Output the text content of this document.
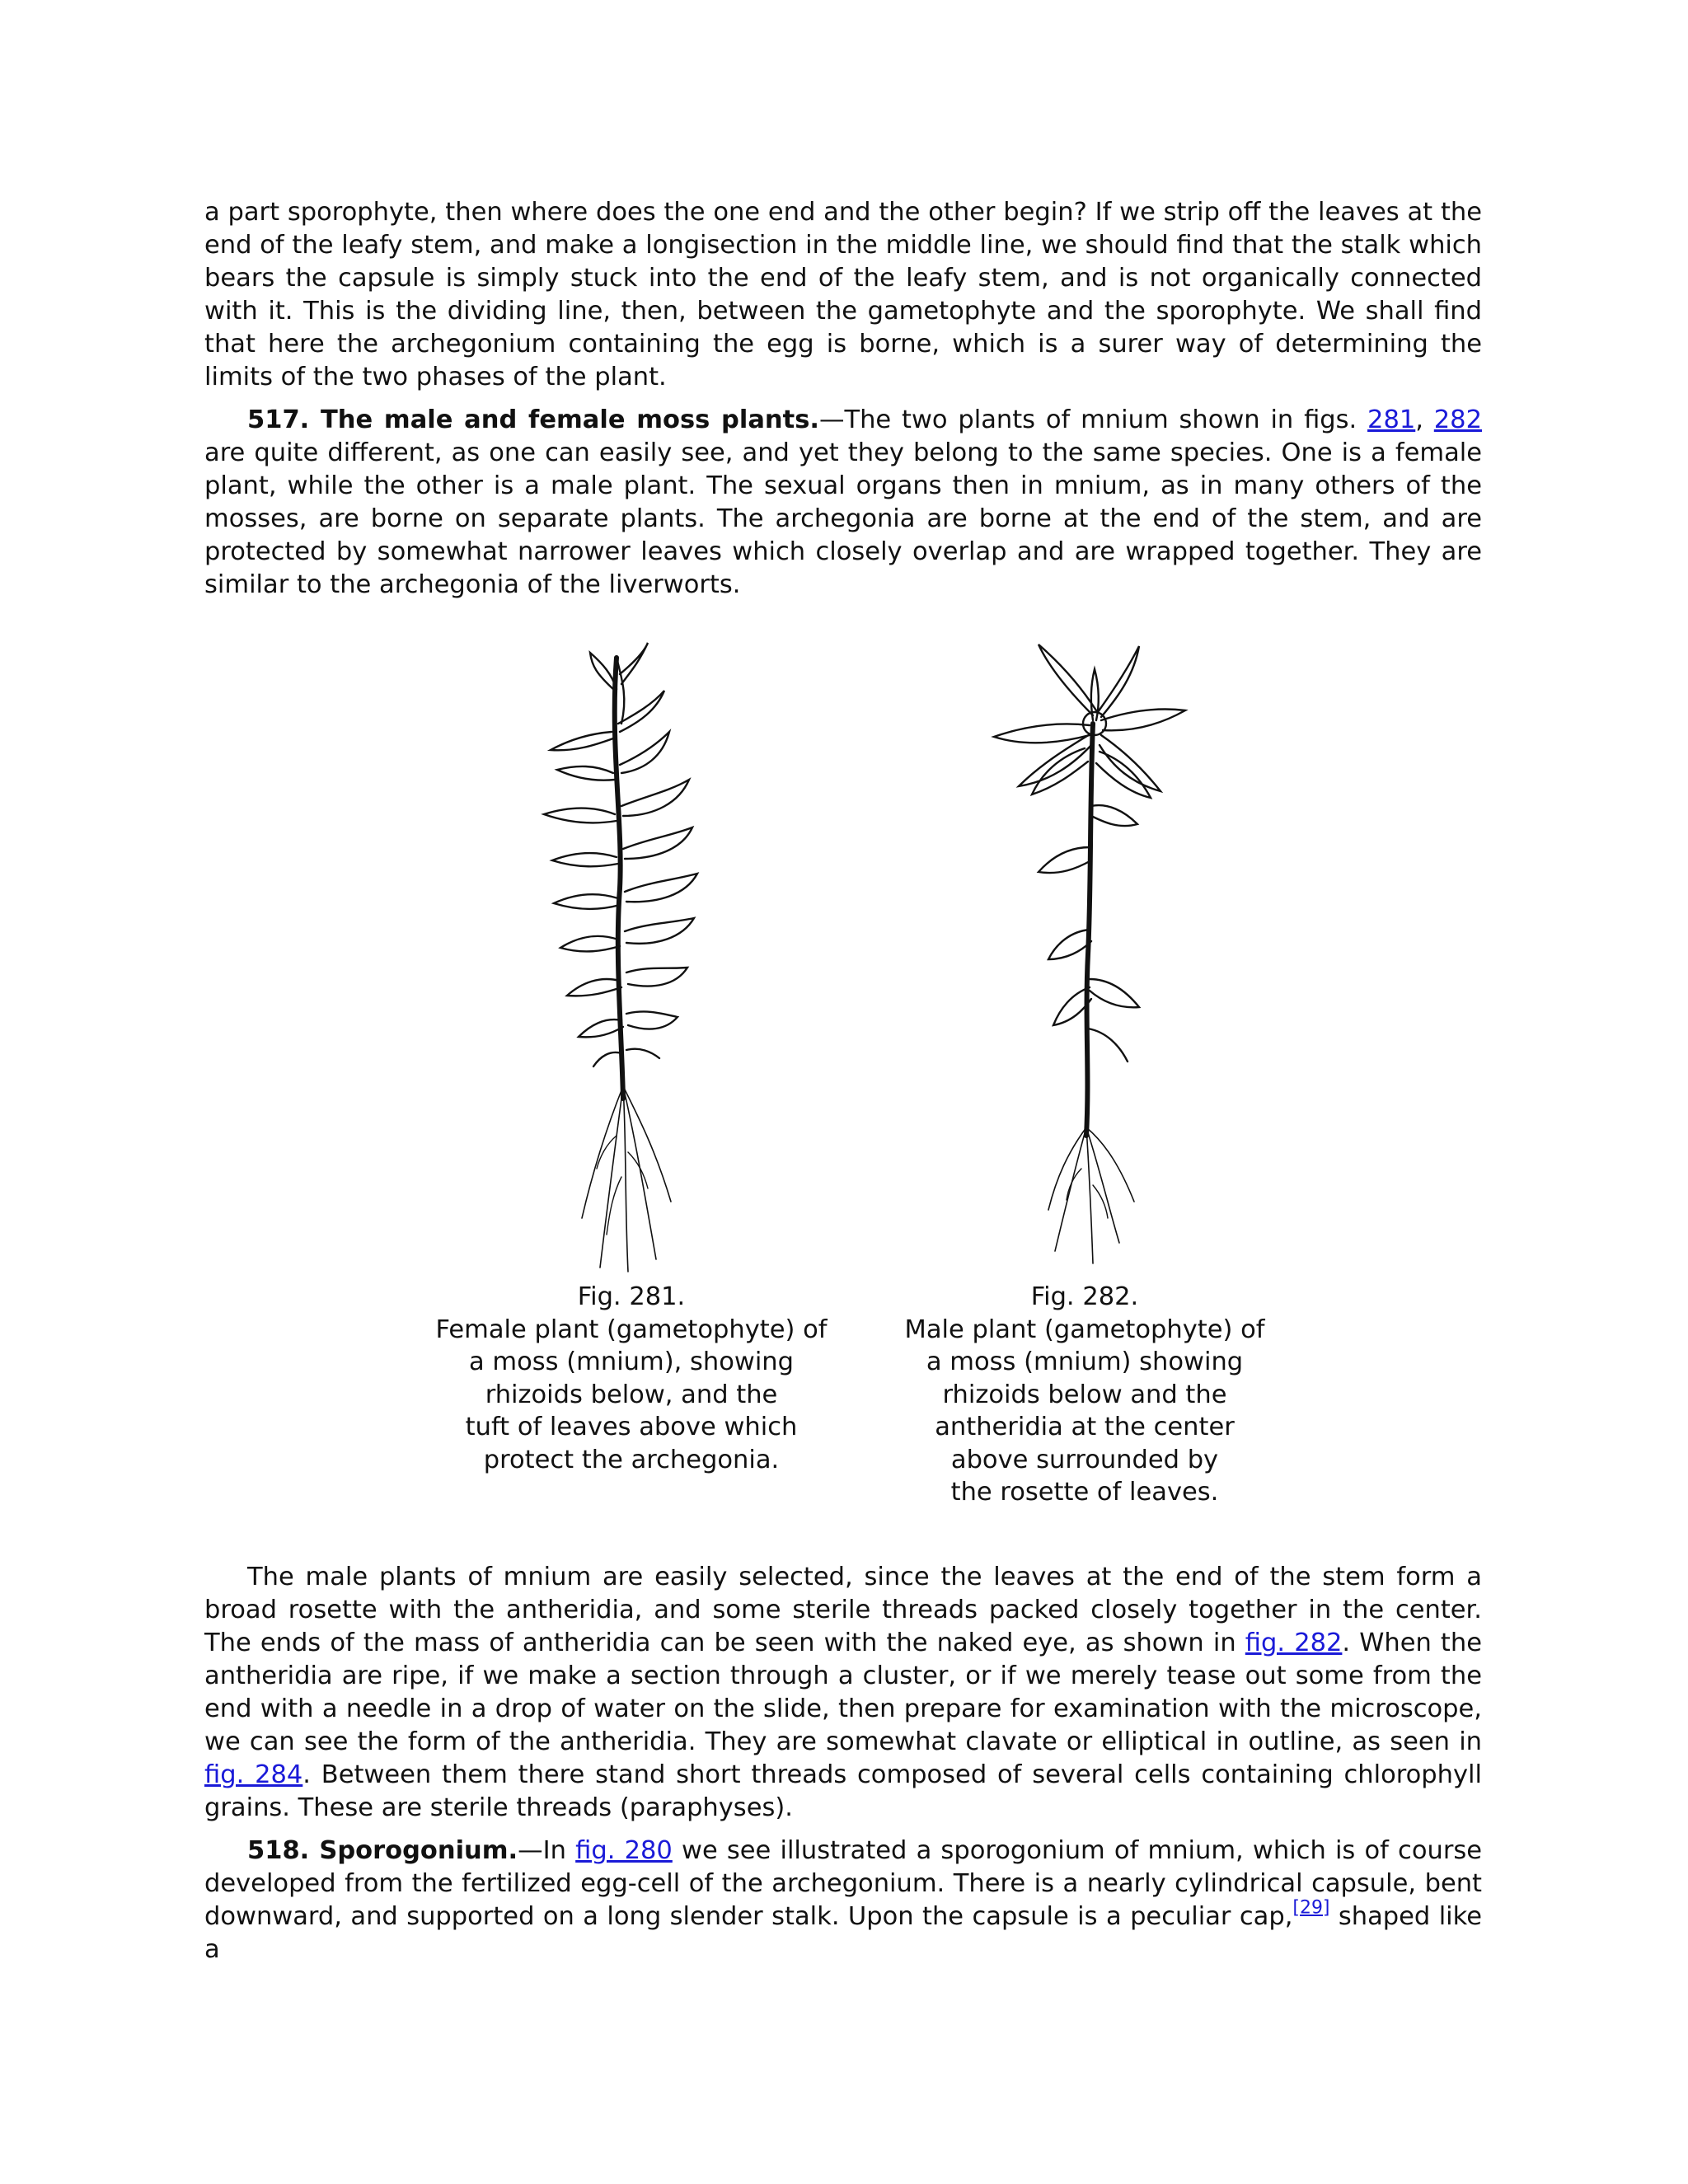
a part sporophyte, then where does the one end and the other begin? If we strip off the leaves at the end of the leafy stem, and make a longisection in the middle line, we should find that the stalk which bears the capsule is simply stuck into the end of the leafy stem, and is not organically connected with it. This is the dividing line, then, between the gametophyte and the sporophyte. We shall find that here the archegonium containing the egg is borne, which is a surer way of determining the limits of the two phases of the plant.

517. The male and female moss plants.—The two plants of mnium shown in figs. 281, 282 are quite different, as one can easily see, and yet they belong to the same species. One is a female plant, while the other is a male plant. The sexual organs then in mnium, as in many others of the mosses, are borne on separate plants. The archegonia are borne at the end of the stem, and are protected by somewhat narrower leaves which closely overlap and are wrapped together. They are similar to the archegonia of the liverworts.

Fig. 281.
Female plant (gametophyte) of
a moss (mnium), showing
rhizoids below, and the
tuft of leaves above which
protect the archegonia.
Fig. 282.
Male plant (gametophyte) of
a moss (mnium) showing
rhizoids below and the
antheridia at the center
above surrounded by
the rosette of leaves.

The male plants of mnium are easily selected, since the leaves at the end of the stem form a broad rosette with the antheridia, and some sterile threads packed closely together in the center. The ends of the mass of antheridia can be seen with the naked eye, as shown in fig. 282. When the antheridia are ripe, if we make a section through a cluster, or if we merely tease out some from the end with a needle in a drop of water on the slide, then prepare for examination with the microscope, we can see the form of the antheridia. They are somewhat clavate or elliptical in outline, as seen in fig. 284. Between them there stand short threads composed of several cells containing chlorophyll grains. These are sterile threads (paraphyses).

518. Sporogonium.—In fig. 280 we see illustrated a sporogonium of mnium, which is of course developed from the fertilized egg-cell of the archegonium. There is a nearly cylindrical capsule, bent downward, and supported on a long slender stalk. Upon the capsule is a peculiar cap,[29] shaped like a
